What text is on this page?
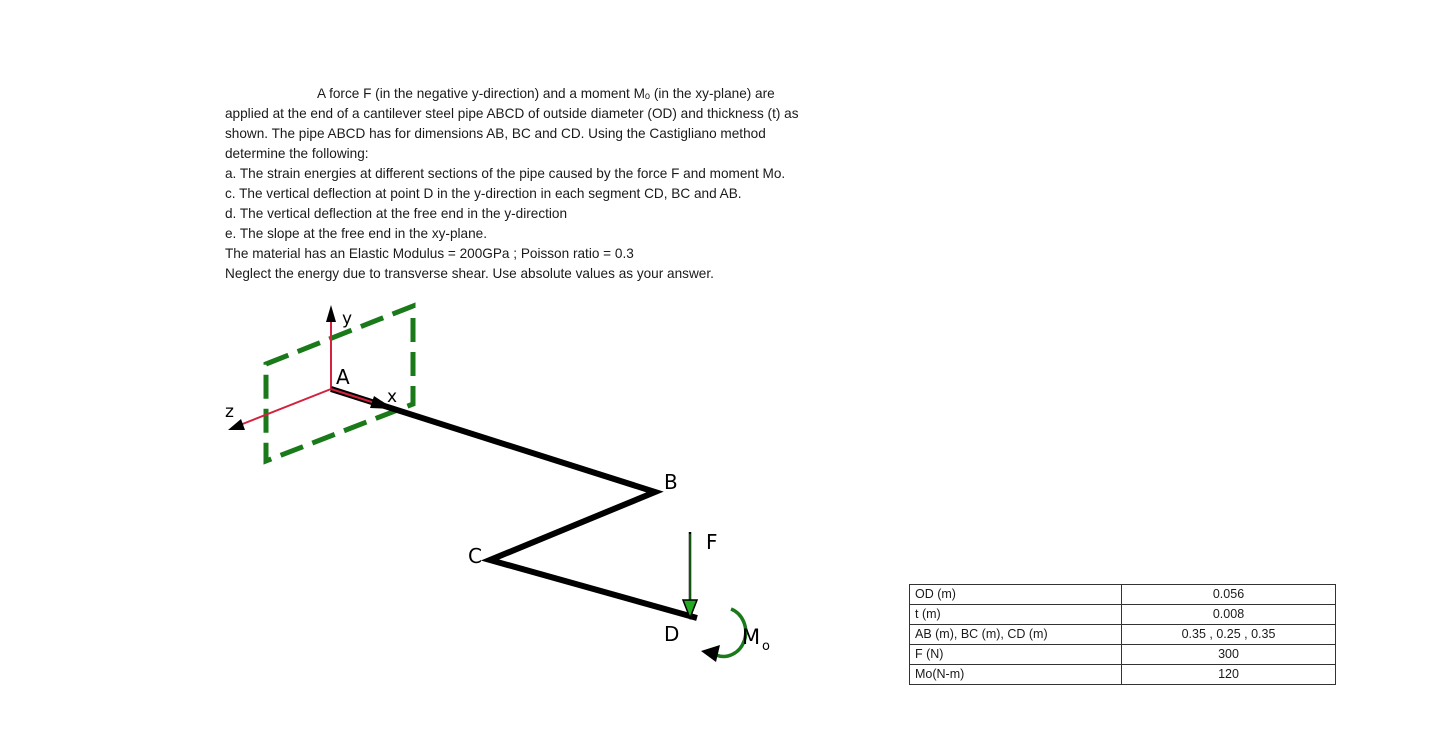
A force F (in the negative y-direction) and a moment Mₒ (in the xy-plane) are
applied at the end of a cantilever steel pipe ABCD of outside diameter (OD) and thickness (t) as
shown. The pipe ABCD has for dimensions AB, BC and CD. Using the Castigliano method
determine the following:
a. The strain energies at different sections of the pipe caused by the force F and moment Mo.
c. The vertical deflection at point D in the y-direction in each segment CD, BC and AB.
d. The vertical deflection at the free end in the y-direction
e. The slope at the free end in the xy-plane.
The material has an Elastic Modulus = 200GPa ; Poisson ratio = 0.3
Neglect the energy due to transverse shear. Use absolute values as your answer.
y
x
z
A
B
C
D
F
M o
OD (m)	0.056
t (m)	0.008
AB (m), BC (m), CD (m)	0.35 , 0.25 , 0.35
F (N)	300
Mo(N-m)	120
